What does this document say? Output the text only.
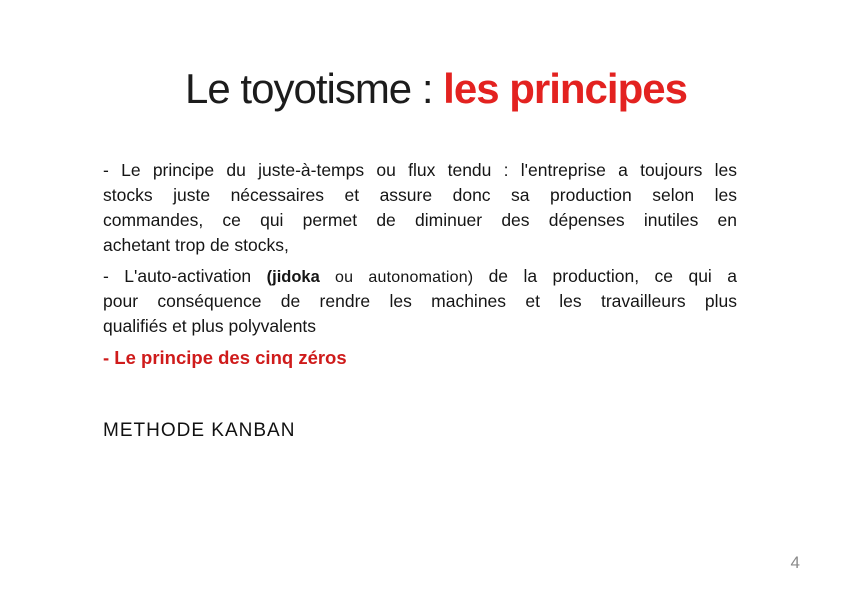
Le toyotisme : les principes
- Le principe du juste-à-temps ou flux tendu : l'entreprise a toujours les
stocks juste nécessaires et assure donc sa production selon les
commandes, ce qui permet de diminuer des dépenses inutiles en
achetant trop de stocks,
- L'auto-activation (jidoka ou autonomation) de la production, ce qui a
pour conséquence de rendre les machines et les travailleurs plus
qualifiés et plus polyvalents
- Le principe des cinq zéros
METHODE KANBAN
4
